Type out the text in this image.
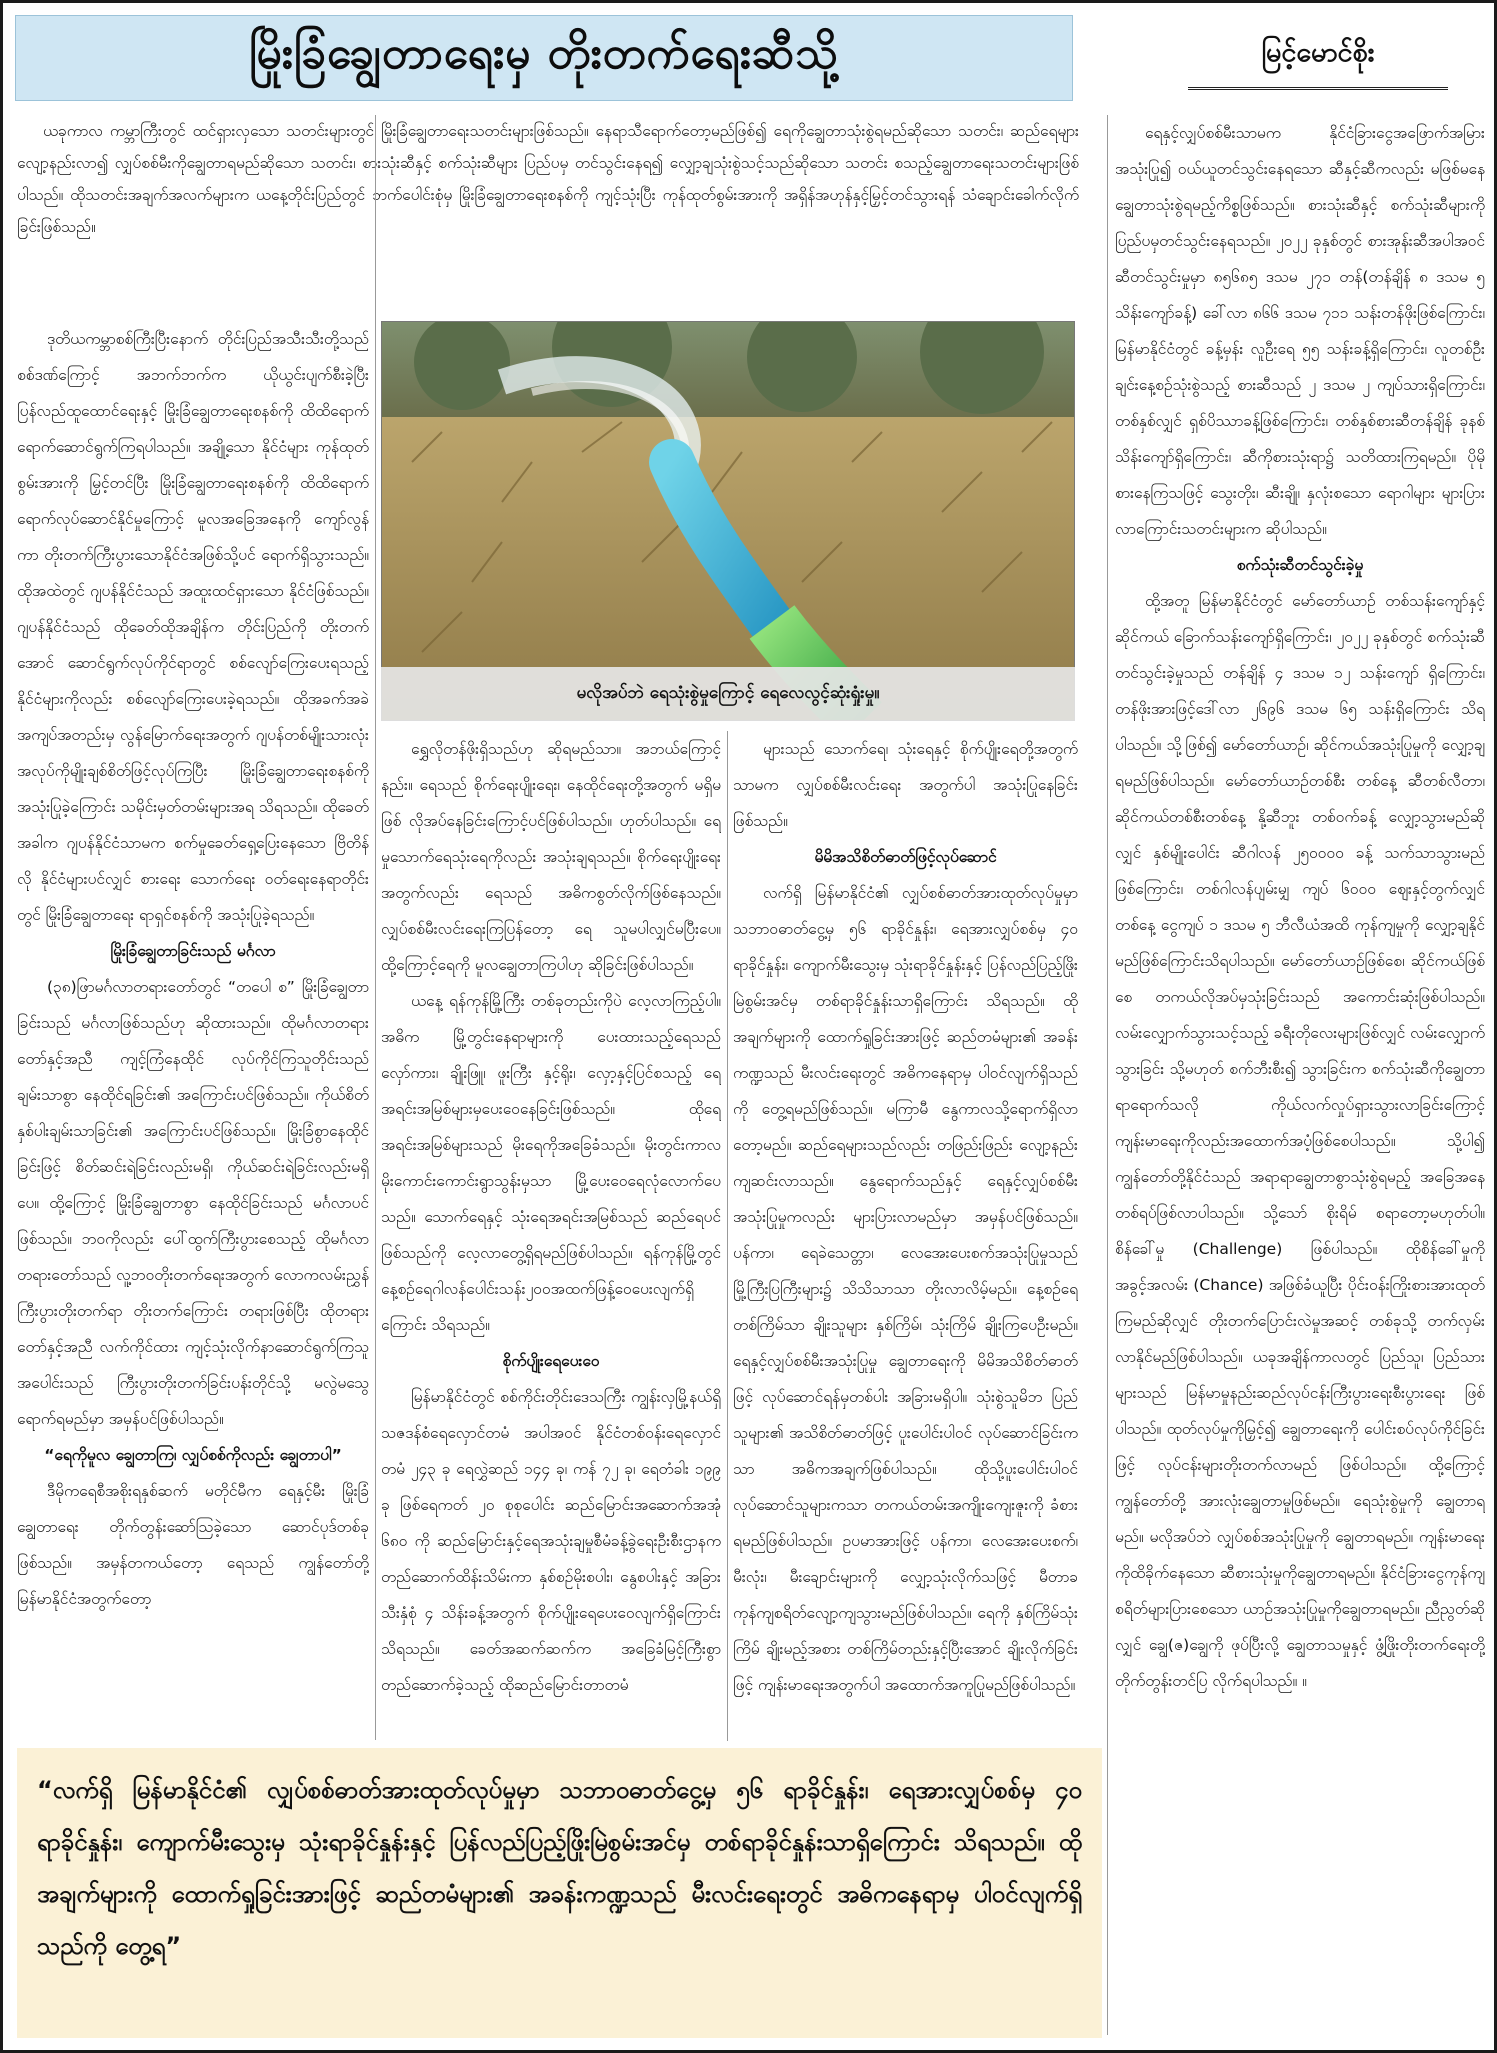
မြိုးခြံချွေတာရေးမှ တိုးတက်ရေးဆီသို့	မြင့်မောင်စိုး

ယခုကာလ ကမ္ဘာကြီးတွင် ထင်ရှားလှသော သတင်းများတွင် မြိုးခြံချွေတာရေးသတင်းများဖြစ်သည်။ နေရာသီရောက်တော့မည်ဖြစ်၍ ရေကိုချွေတာသုံးစွဲရမည်ဆိုသော သတင်း၊ ဆည်ရေများလျော့နည်းလာ၍ လျှပ်စစ်မီးကိုချွေတာရမည်ဆိုသော သတင်း၊ စားသုံးဆီနှင့် စက်သုံးဆီများ ပြည်ပမှ တင်သွင်းနေရ၍ လျှော့ချသုံးစွဲသင့်သည်ဆိုသော သတင်း စသည့်ချွေတာရေးသတင်းများဖြစ်ပါသည်။ ထိုသတင်းအချက်အလက်များက ယနေ့တိုင်းပြည်တွင် ဘက်ပေါင်းစုံမှ မြိုးခြံချွေတာရေးစနစ်ကို ကျင့်သုံးပြီး ကုန်ထုတ်စွမ်းအားကို အရှိန်အဟုန်နှင့်မြှင့်တင်သွားရန် သံချောင်းခေါက်လိုက်ခြင်းဖြစ်သည်။

ဒုတိယကမ္ဘာစစ်ကြီးပြီးနောက် တိုင်းပြည်အသီးသီးတို့သည် စစ်ဒဏ်ကြောင့် အဘက်ဘက်က ယိုယွင်းပျက်စီးခဲ့ပြီး ပြန်လည်ထူထောင်ရေးနှင့် မြိုးခြံချွေတာရေးစနစ်ကို ထိထိရောက်ရောက်ဆောင်ရွက်ကြရပါသည်။ အချို့သော နိုင်ငံများ ကုန်ထုတ်စွမ်းအားကို မြှင့်တင်ပြီး မြိုးခြံချွေတာရေးစနစ်ကို ထိထိရောက်ရောက်လုပ်ဆောင်နိုင်မှုကြောင့် မူလအခြေအနေကို ကျော်လွန်ကာ တိုးတက်ကြီးပွားသောနိုင်ငံအဖြစ်သို့ပင် ရောက်ရှိသွားသည်။ ထိုအထဲတွင် ဂျပန်နိုင်ငံသည် အထူးထင်ရှားသော နိုင်ငံဖြစ်သည်။ ဂျပန်နိုင်ငံသည် ထိုခေတ်ထိုအချိန်က တိုင်းပြည်ကို တိုးတက်အောင် ဆောင်ရွက်လုပ်ကိုင်ရာတွင် စစ်လျော်ကြေးပေးရသည့်နိုင်ငံများကိုလည်း စစ်လျော်ကြေးပေးခဲ့ရသည်။ ထိုအခက်အခဲ အကျပ်အတည်းမှ လွန်မြောက်ရေးအတွက် ဂျပန်တစ်မျိုးသားလုံး အလုပ်ကိုမျိုးချစ်စိတ်ဖြင့်လုပ်ကြပြီး မြိုးခြံချွေတာရေးစနစ်ကို အသုံးပြုခဲ့ကြောင်း သမိုင်းမှတ်တမ်းများအရ သိရသည်။ ထိုခေတ်အခါက ဂျပန်နိုင်ငံသာမက စက်မှုခေတ်ရှေ့ပြေးနေသော ဗြိတိန်လို နိုင်ငံများပင်လျှင် စားရေး သောက်ရေး ဝတ်ရေးနေရာတိုင်းတွင် မြိုးခြံချွေတာရေး ရာရှင်စနစ်ကို အသုံးပြုခဲ့ရသည်။

မြိုးခြံချွေတာခြင်းသည် မင်္ဂလာ

(၃၈)ဖြာမင်္ဂလာတရားတော်တွင် “တပေါ စ” မြိုးခြံချွေတာခြင်းသည် မင်္ဂလာဖြစ်သည်ဟု ဆိုထားသည်။ ထိုမင်္ဂလာတရားတော်နှင့်အညီ ကျင့်ကြံနေထိုင် လုပ်ကိုင်ကြသူတိုင်းသည် ချမ်းသာစွာ နေထိုင်ရခြင်း၏ အကြောင်းပင်ဖြစ်သည်။ ကိုယ်စိတ်နှစ်ပါးချမ်းသာခြင်း၏ အကြောင်းပင်ဖြစ်သည်။ မြိုးခြံစွာနေထိုင်ခြင်းဖြင့် စိတ်ဆင်းရဲခြင်းလည်းမရှိ၊ ကိုယ်ဆင်းရဲခြင်းလည်းမရှိပေ။ ထို့ကြောင့် မြိုးခြံချွေတာစွာ နေထိုင်ခြင်းသည် မင်္ဂလာပင်ဖြစ်သည်။ ဘဝကိုလည်း ပေါ်ထွက်ကြီးပွားစေသည့် ထိုမင်္ဂလာတရားတော်သည် လူ့ဘဝတိုးတက်ရေးအတွက် လောကလမ်းညွှန် ကြီးပွားတိုးတက်ရာ တိုးတက်ကြောင်း တရားဖြစ်ပြီး ထိုတရားတော်နှင့်အညီ လက်ကိုင်ထား ကျင့်သုံးလိုက်နာဆောင်ရွက်ကြသူ အပေါင်းသည် ကြီးပွားတိုးတက်ခြင်းပန်းတိုင်သို့ မလွဲမသွေရောက်ရမည်မှာ အမှန်ပင်ဖြစ်ပါသည်။

“ရေကိုမူလ ချွေတာကြ၊ လျှပ်စစ်ကိုလည်း ချွေတာပါ”

ဒီမိုကရေစီအစိုးရနှစ်ဆက် မတိုင်မီက ရေနှင့်မီး မြိုးခြံချွေတာရေး တိုက်တွန်းဆော်သြခဲ့သော ဆောင်ပုဒ်တစ်ခုဖြစ်သည်။ အမှန်တကယ်တော့ ရေသည် ကျွန်တော်တို့ မြန်မာနိုင်ငံအတွက်တော့

မလိုအပ်ဘဲ ရေသုံးစွဲမှုကြောင့် ရေလေလွင့်ဆုံးရှုံးမှု။

ရွှေလိုတန်ဖိုးရှိသည်ဟု ဆိုရမည်သာ။ အဘယ်ကြောင့်နည်း။ ရေသည် စိုက်ရေးပျိုးရေး၊ နေထိုင်ရေးတို့အတွက် မရှိမဖြစ် လိုအပ်နေခြင်းကြောင့်ပင်ဖြစ်ပါသည်။ ဟုတ်ပါသည်။ ရေမှုသောက်ရေသုံးရေကိုလည်း အသုံးချရသည်။ စိုက်ရေးပျိုးရေးအတွက်လည်း ရေသည် အဓိကစွတ်လိုက်ဖြစ်နေသည်။ လျှပ်စစ်မီးလင်းရေးကြပြန်တော့ ရေ သူမပါလျှင်မပြီးပေ။ ထို့ကြောင့်ရေကို မူလချွေတာကြပါဟု ဆိုခြင်းဖြစ်ပါသည်။

ယနေ့ ရန်ကုန်မြို့ကြီး တစ်ခုတည်းကိုပဲ လေ့လာကြည့်ပါ။ အဓိက မြို့တွင်းနေရာများကို ပေးထားသည့်ရေသည် လှော်ကား၊ ချိုးဖြူ၊ ဖူးကြီး နှင့်ရိုး၊ လှော့နှင့်ပြင်စသည့် ရေအရင်းအမြစ်များမှပေးဝေနေခြင်းဖြစ်သည်။ ထိုရေအရင်းအမြစ်များသည် မိုးရေကိုအခြေခံသည်။ မိုးတွင်းကာလ မိုးကောင်းကောင်းရွာသွန်းမှသာ မြို့ပေးဝေရေလုံလောက်ပေသည်။ သောက်ရေနှင့် သုံးရေအရင်းအမြစ်သည် ဆည်ရေပင်ဖြစ်သည်ကို လေ့လာတွေ့ရှိရမည်ဖြစ်ပါသည်။ ရန်ကုန်မြို့တွင် နေ့စဉ်ရေဂါလန်ပေါင်းသန်း၂၀၀အထက်ဖြန့်ဝေပေးလျက်ရှိကြောင်း သိရသည်။

စိုက်ပျိုးရေပေးဝေ

မြန်မာနိုင်ငံတွင် စစ်ကိုင်းတိုင်းဒေသကြီး ကျွန်းလှမြို့နယ်ရှိ သဇဒန်စံရေလှောင်တမံ အပါအဝင် နိုင်ငံတစ်ဝန်းရေလှောင်တမံ ၂၄၃ ခု ရေလွှဲဆည် ၁၄၄ ခု၊ ကန် ၇၂ ခု၊ ရေတံခါး ၁၉၉ ခု ဖြစ်ရေကတ် ၂၀ စုစုပေါင်း ဆည်မြောင်းအဆောက်အအုံ ၆၈၀ ကို ဆည်မြောင်းနှင့်ရေအသုံးချမှုစီမံခန့်ခွဲရေးဦးစီးဌာနက တည်ဆောက်ထိန်းသိမ်းကာ နှစ်စဉ်မိုးစပါး၊ နွေစပါးနှင့် အခြားသီးနှံစုံ ၄ သိန်းခန့်အတွက် စိုက်ပျိုးရေပေးဝေလျက်ရှိကြောင်း သိရသည်။ ခေတ်အဆက်ဆက်က အခြေခံမြင့်ကြီးစွာ တည်ဆောက်ခဲ့သည့် ထိုဆည်မြောင်းတာတမံ

များသည် သောက်ရေ၊ သုံးရေနှင့် စိုက်ပျိုးရေတို့အတွက်သာမက လျှပ်စစ်မီးလင်းရေး အတွက်ပါ အသုံးပြုနေခြင်းဖြစ်သည်။

မိမိအသိစိတ်ဓာတ်ဖြင့်လုပ်ဆောင်

လက်ရှိ မြန်မာနိုင်ငံ၏ လျှပ်စစ်ဓာတ်အားထုတ်လုပ်မှုမှာ သဘာဝဓာတ်ငွေ့မှ ၅၆ ရာခိုင်နှုန်း၊ ရေအားလျှပ်စစ်မှ ၄၀ ရာခိုင်နှုန်း၊ ကျောက်မီးသွေးမှ သုံးရာခိုင်နှုန်းနှင့် ပြန်လည်ပြည့်ဖြိုးမြဲစွမ်းအင်မှ တစ်ရာခိုင်နှုန်းသာရှိကြောင်း သိရသည်။ ထိုအချက်များကို ထောက်ရှုခြင်းအားဖြင့် ဆည်တမံများ၏ အခန်းကဏ္ဍသည် မီးလင်းရေးတွင် အဓိကနေရာမှ ပါဝင်လျက်ရှိသည်ကို တွေ့ရမည်ဖြစ်သည်။ မကြာမီ နွေကာလသို့ရောက်ရှိလာတော့မည်။ ဆည်ရေများသည်လည်း တဖြည်းဖြည်း လျော့နည်းကျဆင်းလာသည်။ နွေရောက်သည်နှင့် ရေနှင့်လျှပ်စစ်မီးအသုံးပြုမှုကလည်း များပြားလာမည်မှာ အမှန်ပင်ဖြစ်သည်။ ပန်ကာ၊ ရေခဲသေတ္တာ၊ လေအေးပေးစက်အသုံးပြုမှုသည် မြို့ကြီးပြကြီးများ၌ သိသိသာသာ တိုးလာလိမ့်မည်။ နေ့စဉ်ရေ တစ်ကြိမ်သာ ချိုးသူများ နှစ်ကြိမ်၊ သုံးကြိမ် ချိုးကြပေဦးမည်။ ရေနှင့်လျှပ်စစ်မီးအသုံးပြုမှု ချွေတာရေးကို မိမိအသိစိတ်ဓာတ်ဖြင့် လုပ်ဆောင်ရန်မှတစ်ပါး အခြားမရှိပါ။ သုံးစွဲသူမိဘ ပြည်သူများ၏ အသိစိတ်ဓာတ်ဖြင့် ပူးပေါင်းပါဝင် လုပ်ဆောင်ခြင်းကသာ အဓိကအချက်ဖြစ်ပါသည်။ ထိုသို့ပူးပေါင်းပါဝင် လုပ်ဆောင်သူများကသာ တကယ်တမ်းအကျိုးကျေးဇူးကို ခံစားရမည်ဖြစ်ပါသည်။ ဥပမာအားဖြင့် ပန်ကာ၊ လေအေးပေးစက်၊ မီးလုံး၊ မီးချောင်းများကို လျှော့သုံးလိုက်သဖြင့် မီတာခကုန်ကျစရိတ်လျော့ကျသွားမည်ဖြစ်ပါသည်။ ရေကို နှစ်ကြိမ်သုံးကြိမ် ချိုးမည့်အစား တစ်ကြိမ်တည်းနှင့်ပြီးအောင် ချိုးလိုက်ခြင်းဖြင့် ကျန်းမာရေးအတွက်ပါ အထောက်အကူပြုမည်ဖြစ်ပါသည်။

ရေနှင့်လျှပ်စစ်မီးသာမက နိုင်ငံခြားငွေအဖြောက်အမြားအသုံးပြု၍ ဝယ်ယူတင်သွင်းနေရသော ဆီနှင့်ဆီကလည်း မဖြစ်မနေချွေတာသုံးစွဲရမည့်ကိစ္စဖြစ်သည်။ စားသုံးဆီနှင့် စက်သုံးဆီများကို ပြည်ပမှတင်သွင်းနေရသည်။ ၂၀၂၂ ခုနှစ်တွင် စားအုန်းဆီအပါအဝင် ဆီတင်သွင်းမှုမှာ ၈၅၆၈၅ ဒသမ ၂၇၁ တန်(တန်ချိန် ၈ ဒသမ ၅ သိန်းကျော်ခန့်) ခေါ်လာ ၈၆၆ ဒသမ ၇၁၁ သန်းတန်ဖိုးဖြစ်ကြောင်း၊ မြန်မာနိုင်ငံတွင် ခန့်မှန်း လူဦးရေ ၅၅ သန်းခန့်ရှိကြောင်း၊ လူတစ်ဦးချင်းနေ့စဉ်သုံးစွဲသည့် စားဆီသည် ၂ ဒသမ ၂ ကျပ်သားရှိကြောင်း၊ တစ်နှစ်လျှင် ရှစ်ပိဿာခန့်ဖြစ်ကြောင်း၊ တစ်နှစ်စားဆီတန်ချိန် ခုနစ်သိန်းကျော်ရှိကြောင်း၊ ဆီကိုစားသုံးရာ၌ သတိထားကြရမည်။ ပိုမိုစားနေကြသဖြင့် သွေးတိုး၊ ဆီးချို၊ နှလုံးစသော ရောဂါများ များပြားလာကြောင်းသတင်းများက ဆိုပါသည်။

စက်သုံးဆီတင်သွင်းခဲ့မှု

ထို့အတူ မြန်မာနိုင်ငံတွင် မော်တော်ယာဉ် တစ်သန်းကျော်နှင့် ဆိုင်ကယ် ခြောက်သန်းကျော်ရှိကြောင်း၊ ၂၀၂၂ ခုနှစ်တွင် စက်သုံးဆီတင်သွင်းခဲ့မှုသည် တန်ချိန် ၄ ဒသမ ၁၂ သန်းကျော် ရှိကြောင်း၊ တန်ဖိုးအားဖြင့်ဒေါ်လာ ၂၆၉၆ ဒသမ ၆၅ သန်းရှိကြောင်း သိရပါသည်။ သို့ဖြစ်၍ မော်တော်ယာဉ်၊ ဆိုင်ကယ်အသုံးပြုမှုကို လျှော့ချရမည်ဖြစ်ပါသည်။ မော်တော်ယာဉ်တစ်စီး တစ်နေ့ ဆီတစ်လီတာ၊ ဆိုင်ကယ်တစ်စီးတစ်နေ့ နို့ဆီဘူး တစ်ဝက်ခန့် လျှော့သွားမည်ဆိုလျှင် နှစ်မျိုးပေါင်း ဆီဂါလန် ၂၅၀၀၀၀ ခန့် သက်သာသွားမည်ဖြစ်ကြောင်း၊ တစ်ဂါလန်ပျမ်းမျှ ကျပ် ၆၀၀၀ ဈေးနှင့်တွက်လျှင် တစ်နေ့ ငွေကျပ် ၁ ဒသမ ၅ ဘီလီယံအထိ ကုန်ကျမှုကို လျှော့ချနိုင်မည်ဖြစ်ကြောင်းသိရပါသည်။ မော်တော်ယာဉ်ဖြစ်စေ၊ ဆိုင်ကယ်ဖြစ်စေ တကယ်လိုအပ်မှသုံးခြင်းသည် အကောင်းဆုံးဖြစ်ပါသည်။ လမ်းလျှောက်သွားသင့်သည့် ခရီးတိုလေးများဖြစ်လျှင် လမ်းလျှောက်သွားခြင်း သို့မဟုတ် စက်ဘီးစီး၍ သွားခြင်းက စက်သုံးဆီကိုချွေတာရာရောက်သလို ကိုယ်လက်လှုပ်ရှားသွားလာခြင်းကြောင့် ကျန်းမာရေးကိုလည်းအထောက်အပံ့ဖြစ်စေပါသည်။ သို့ပါ၍ ကျွန်တော်တို့နိုင်ငံသည် အရာရာချွေတာစွာသုံးစွဲရမည့် အခြေအနေတစ်ရပ်ဖြစ်လာပါသည်။ သို့သော် စိုးရိမ် စရာတော့မဟုတ်ပါ။ စိန်ခေါ်မှု (Challenge) ဖြစ်ပါသည်။ ထိုစိန်ခေါ်မှုကို အခွင့်အလမ်း (Chance) အဖြစ်ခံယူပြီး ပိုင်းဝန်းကြိုးစားအားထုတ်ကြမည်ဆိုလျှင် တိုးတက်ပြောင်းလဲမှုအဆင့် တစ်ခုသို့ တက်လှမ်းလာနိုင်မည်ဖြစ်ပါသည်။ ယခုအချိန်ကာလတွင် ပြည်သူ၊ ပြည်သားများသည် မြန်မာမှုနည်းဆည်လုပ်ငန်းကြီးပွားရေးစီးပွားရေး ဖြစ်ပါသည်။ ထုတ်လုပ်မှုကိုမြှင့်၍ ချွေတာရေးကို ပေါင်းစပ်လုပ်ကိုင်ခြင်းဖြင့် လုပ်ငန်းများတိုးတက်လာမည် ဖြစ်ပါသည်။ ထို့ကြောင့် ကျွန်တော်တို့ အားလုံးချွေတာမှုဖြစ်မည်။ ရေသုံးစွဲမှုကို ချွေတာရမည်။ မလိုအပ်ဘဲ လျှပ်စစ်အသုံးပြုမှုကို ချွေတာရမည်။ ကျန်းမာရေးကိုထိခိုက်နေသော ဆီစားသုံးမှုကိုချွေတာရမည်။ နိုင်ငံခြားငွေကုန်ကျ စရိတ်များပြားစေသော ယာဉ်အသုံးပြုမှုကိုချွေတာရမည်။ ညီညွတ်ဆိုလျှင် ချွေ(ဇ)ချွေကို ဖုပ်ပြီးလို့ ချွေတာသမှုနှင့် ဖွံ့ဖြိုးတိုးတက်ရေးတို့ တိုက်တွန်းတင်ပြ လိုက်ရပါသည်။ ။

“လက်ရှိ မြန်မာနိုင်ငံ၏ လျှပ်စစ်ဓာတ်အားထုတ်လုပ်မှုမှာ သဘာဝဓာတ်ငွေ့မှ ၅၆ ရာခိုင်နှုန်း၊ ရေအားလျှပ်စစ်မှ ၄၀ ရာခိုင်နှုန်း၊ ကျောက်မီးသွေးမှ သုံးရာခိုင်နှုန်းနှင့် ပြန်လည်ပြည့်ဖြိုးမြဲစွမ်းအင်မှ တစ်ရာခိုင်နှုန်းသာရှိကြောင်း သိရသည်။ ထိုအချက်များကို ထောက်ရှုခြင်းအားဖြင့် ဆည်တမံများ၏ အခန်းကဏ္ဍသည် မီးလင်းရေးတွင် အဓိကနေရာမှ ပါဝင်လျက်ရှိသည်ကို တွေ့ရ”
